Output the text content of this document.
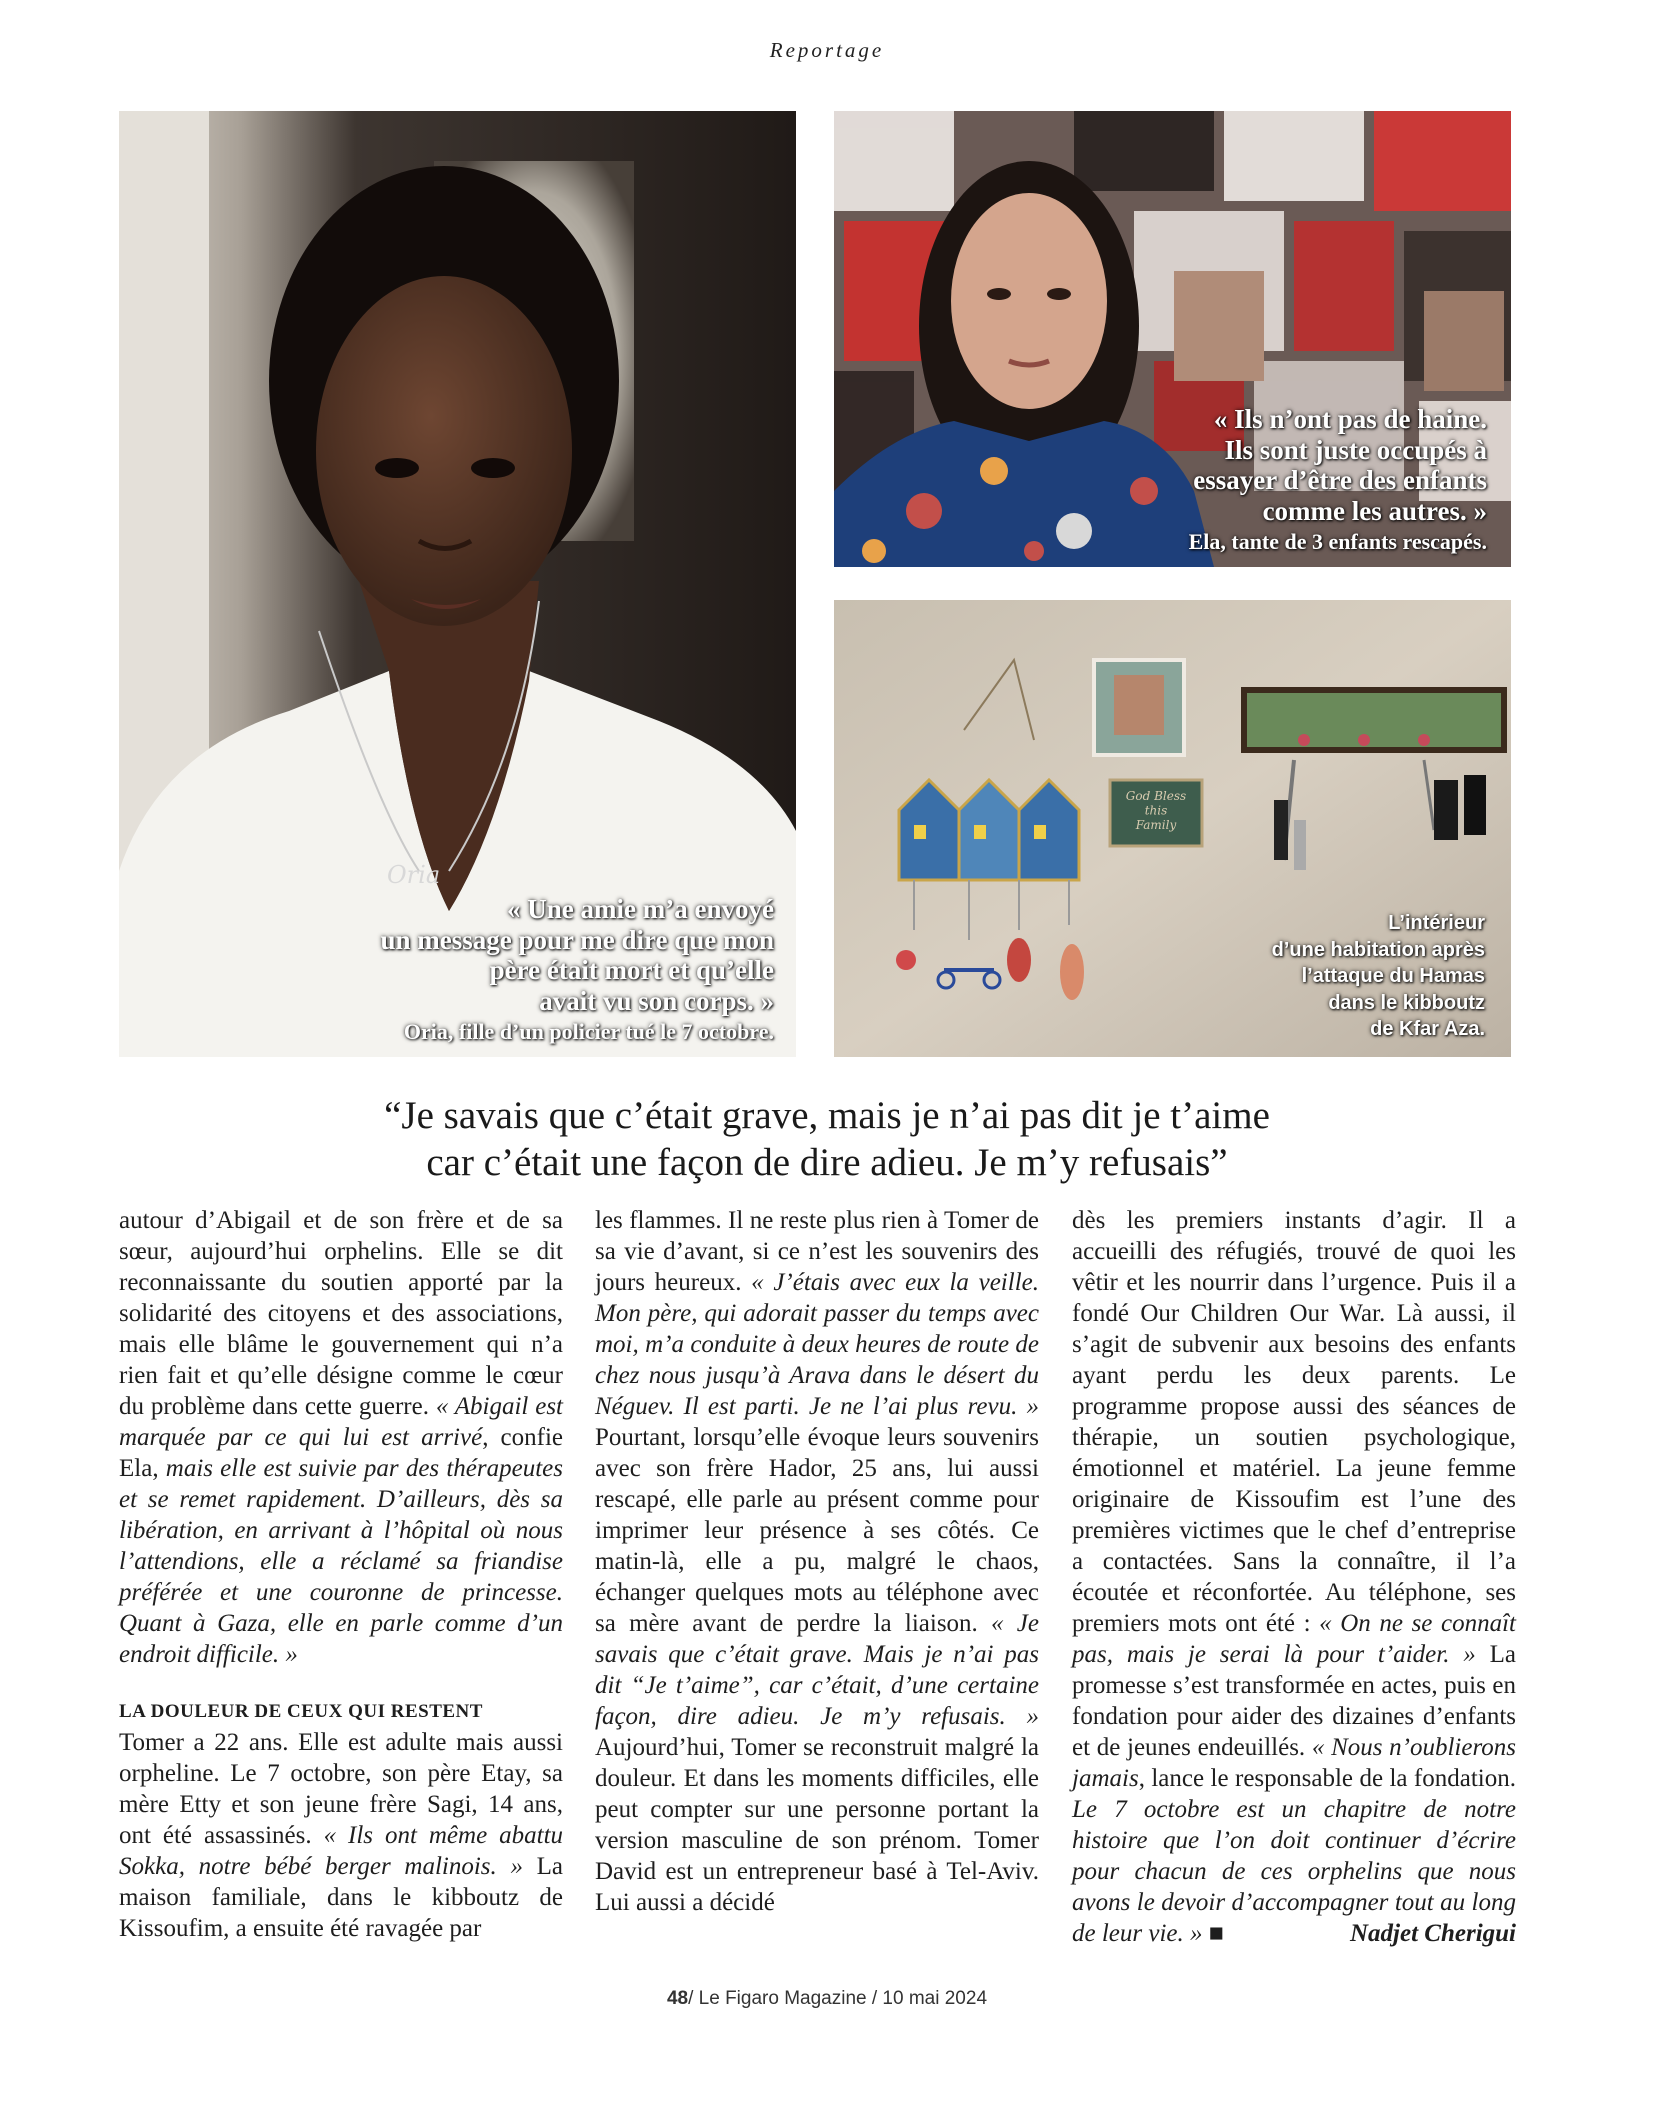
Reportage
Oria
« Une amie m’a envoyé
un message pour me dire que mon
père était mort et qu’elle
avait vu son corps. »
Oria, fille d’un policier tué le 7 octobre.
« Ils n’ont pas de haine.
Ils sont juste occupés à
essayer d’être des enfants
comme les autres. »
Ela, tante de 3 enfants rescapés.
God Bless this Family
L’intérieur
d’une habitation après
l’attaque du Hamas
dans le kibboutz
de Kfar Aza.
“Je savais que c’était grave, mais je n’ai pas dit je t’aime
car c’était une façon de dire adieu. Je m’y refusais”

autour d’Abigail et de son frère et de sa sœur, aujourd’hui orphelins. Elle se dit reconnaissante du soutien apporté par la solidarité des citoyens et des associations, mais elle blâme le gouvernement qui n’a rien fait et qu’elle désigne comme le cœur du problème dans cette guerre. « Abigail est marquée par ce qui lui est arrivé, confie Ela, mais elle est suivie par des thérapeutes et se remet rapidement. D’ailleurs, dès sa libération, en arrivant à l’hôpital où nous l’attendions, elle a réclamé sa friandise préférée et une couronne de princesse. Quant à Gaza, elle en parle comme d’un endroit difficile. »

LA DOULEUR DE CEUX QUI RESTENT

Tomer a 22 ans. Elle est adulte mais aussi orpheline. Le 7 octobre, son père Etay, sa mère Etty et son jeune frère Sagi, 14 ans, ont été assassinés. « Ils ont même abattu Sokka, notre bébé berger malinois. » La maison familiale, dans le kibboutz de Kissoufim, a ensuite été ravagée par

les flammes. Il ne reste plus rien à Tomer de sa vie d’avant, si ce n’est les souvenirs des jours heureux. « J’étais avec eux la veille. Mon père, qui adorait passer du temps avec moi, m’a conduite à deux heures de route de chez nous jusqu’à Arava dans le désert du Néguev. Il est parti. Je ne l’ai plus revu. » Pourtant, lorsqu’elle évoque leurs souvenirs avec son frère Hador, 25 ans, lui aussi rescapé, elle parle au présent comme pour imprimer leur présence à ses côtés. Ce matin-là, elle a pu, malgré le chaos, échanger quelques mots au téléphone avec sa mère avant de perdre la liaison. « Je savais que c’était grave. Mais je n’ai pas dit “Je t’aime”, car c’était, d’une certaine façon, dire adieu. Je m’y refusais. » Aujourd’hui, Tomer se reconstruit malgré la douleur. Et dans les moments difficiles, elle peut compter sur une personne portant la version masculine de son prénom. Tomer David est un entrepreneur basé à Tel-Aviv. Lui aussi a décidé

dès les premiers instants d’agir. Il a accueilli des réfugiés, trouvé de quoi les vêtir et les nourrir dans l’urgence. Puis il a fondé Our Children Our War. Là aussi, il s’agit de subvenir aux besoins des enfants ayant perdu les deux parents. Le programme propose aussi des séances de thérapie, un soutien psychologique, émotionnel et matériel. La jeune femme originaire de Kissoufim est l’une des premières victimes que le chef d’entreprise a contactées. Sans la connaître, il l’a écoutée et réconfortée. Au téléphone, ses premiers mots ont été : « On ne se connaît pas, mais je serai là pour t’aider. » La promesse s’est transformée en actes, puis en fondation pour aider des dizaines d’enfants et de jeunes endeuillés. « Nous n’oublierons jamais, lance le responsable de la fondation. Le 7 octobre est un chapitre de notre histoire que l’on doit continuer d’écrire pour chacun de ces orphelins que nous avons le devoir d’accompagner tout au long de leur vie. » ■	Nadjet Cherigui

48/ Le Figaro Magazine / 10 mai 2024
